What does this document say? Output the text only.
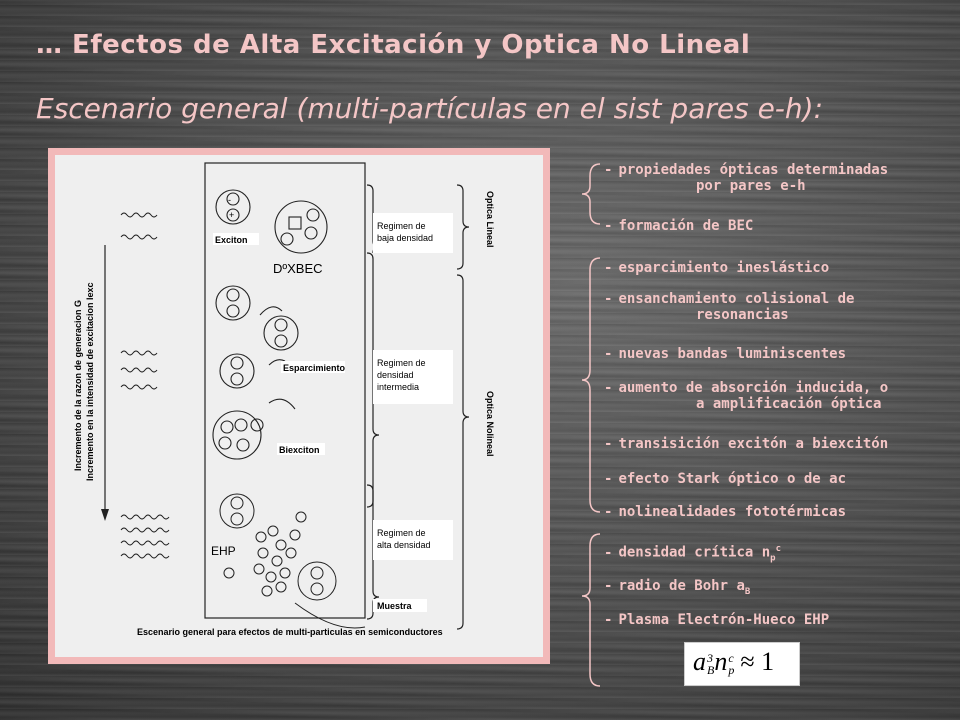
… Efectos de Alta Excitación y Optica No Lineal
Escenario general (multi-partículas en el sist pares e-h):
Regimen de
baja densidad
Regimen de
densidad
intermedia
Regimen de
alta densidad
Optica Lineal
Optica Nolineal
Incremento de la razon de generacion G Incremento en la intensidad de excitacion Iexc
-
+
Exciton
DºXBEC
Esparcimiento
Biexciton
EHP
Muestra
Escenario general para efectos de multi-particulas en semiconductores
- propiedades ópticas determinadas
por pares e-h
- formación de BEC
- esparcimiento ineslástico
- ensanchamiento colisional de
resonancias
- nuevas bandas luminiscentes
- aumento de absorción inducida, o
a amplificación óptica
- transisición excitón a biexcitón
- efecto Stark óptico o de ac
- nolinealidades fototérmicas
- densidad crítica $n_p^c$
- radio de Bohr $a_B$
- Plasma Electrón-Hueco EHP
a 3
B n c
p ≈ 1
